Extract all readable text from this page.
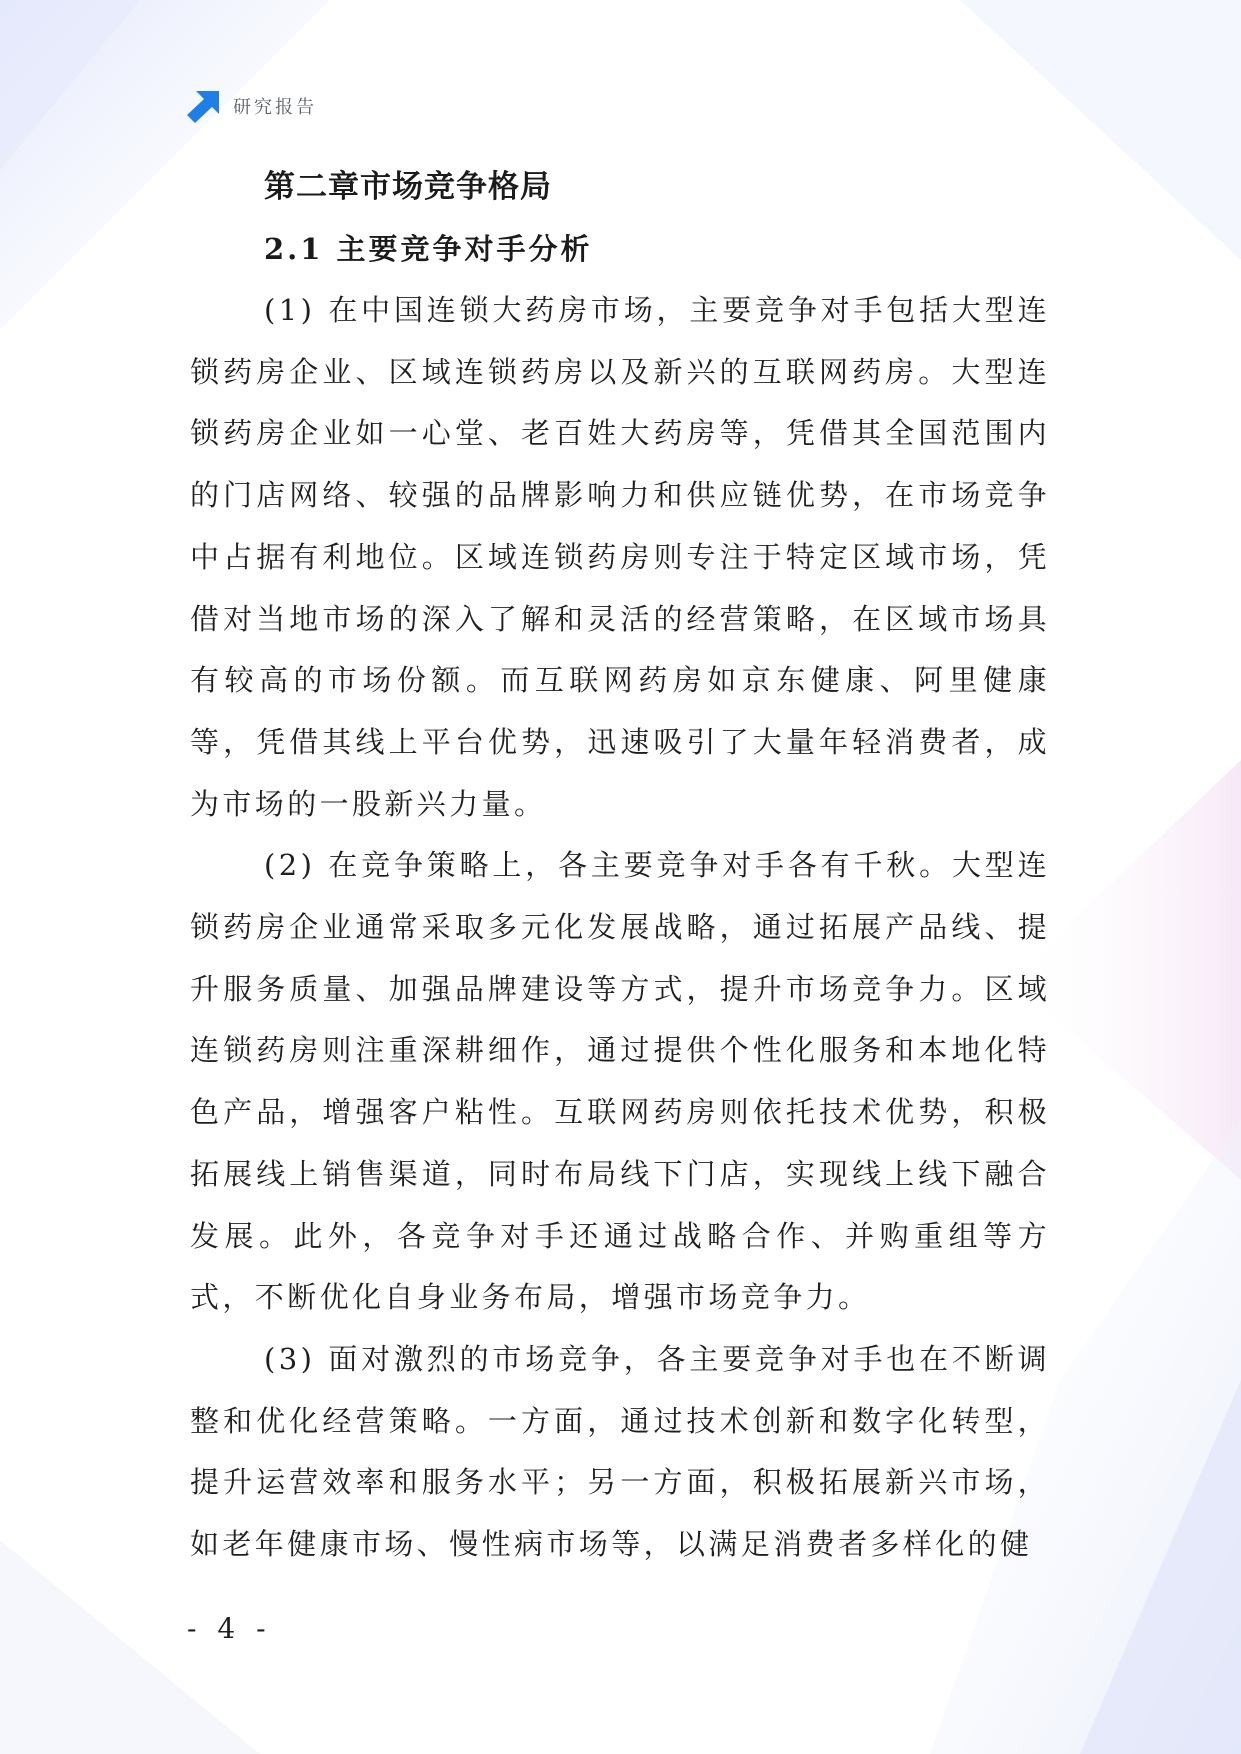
研究报告
第二章市场竞争格局
2.1 主要竞争对手分析

(1) 在中国连锁大药房市场，主要竞争对手包括大型连锁药房企业、区域连锁药房以及新兴的互联网药房。大型连锁药房企业如一心堂、老百姓大药房等，凭借其全国范围内的门店网络、较强的品牌影响力和供应链优势，在市场竞争中占据有利地位。区域连锁药房则专注于特定区域市场，凭借对当地市场的深入了解和灵活的经营策略，在区域市场具有较高的市场份额。而互联网药房如京东健康、阿里健康等，凭借其线上平台优势，迅速吸引了大量年轻消费者，成为市场的一股新兴力量。

(2) 在竞争策略上，各主要竞争对手各有千秋。大型连锁药房企业通常采取多元化发展战略，通过拓展产品线、提升服务质量、加强品牌建设等方式，提升市场竞争力。区域连锁药房则注重深耕细作，通过提供个性化服务和本地化特色产品，增强客户粘性。互联网药房则依托技术优势，积极拓展线上销售渠道，同时布局线下门店，实现线上线下融合发展。此外，各竞争对手还通过战略合作、并购重组等方式，不断优化自身业务布局，增强市场竞争力。

(3) 面对激烈的市场竞争，各主要竞争对手也在不断调整和优化经营策略。一方面，通过技术创新和数字化转型，提升运营效率和服务水平；另一方面，积极拓展新兴市场，如老年健康市场、慢性病市场等，以满足消费者多样化的健

- 4 -
